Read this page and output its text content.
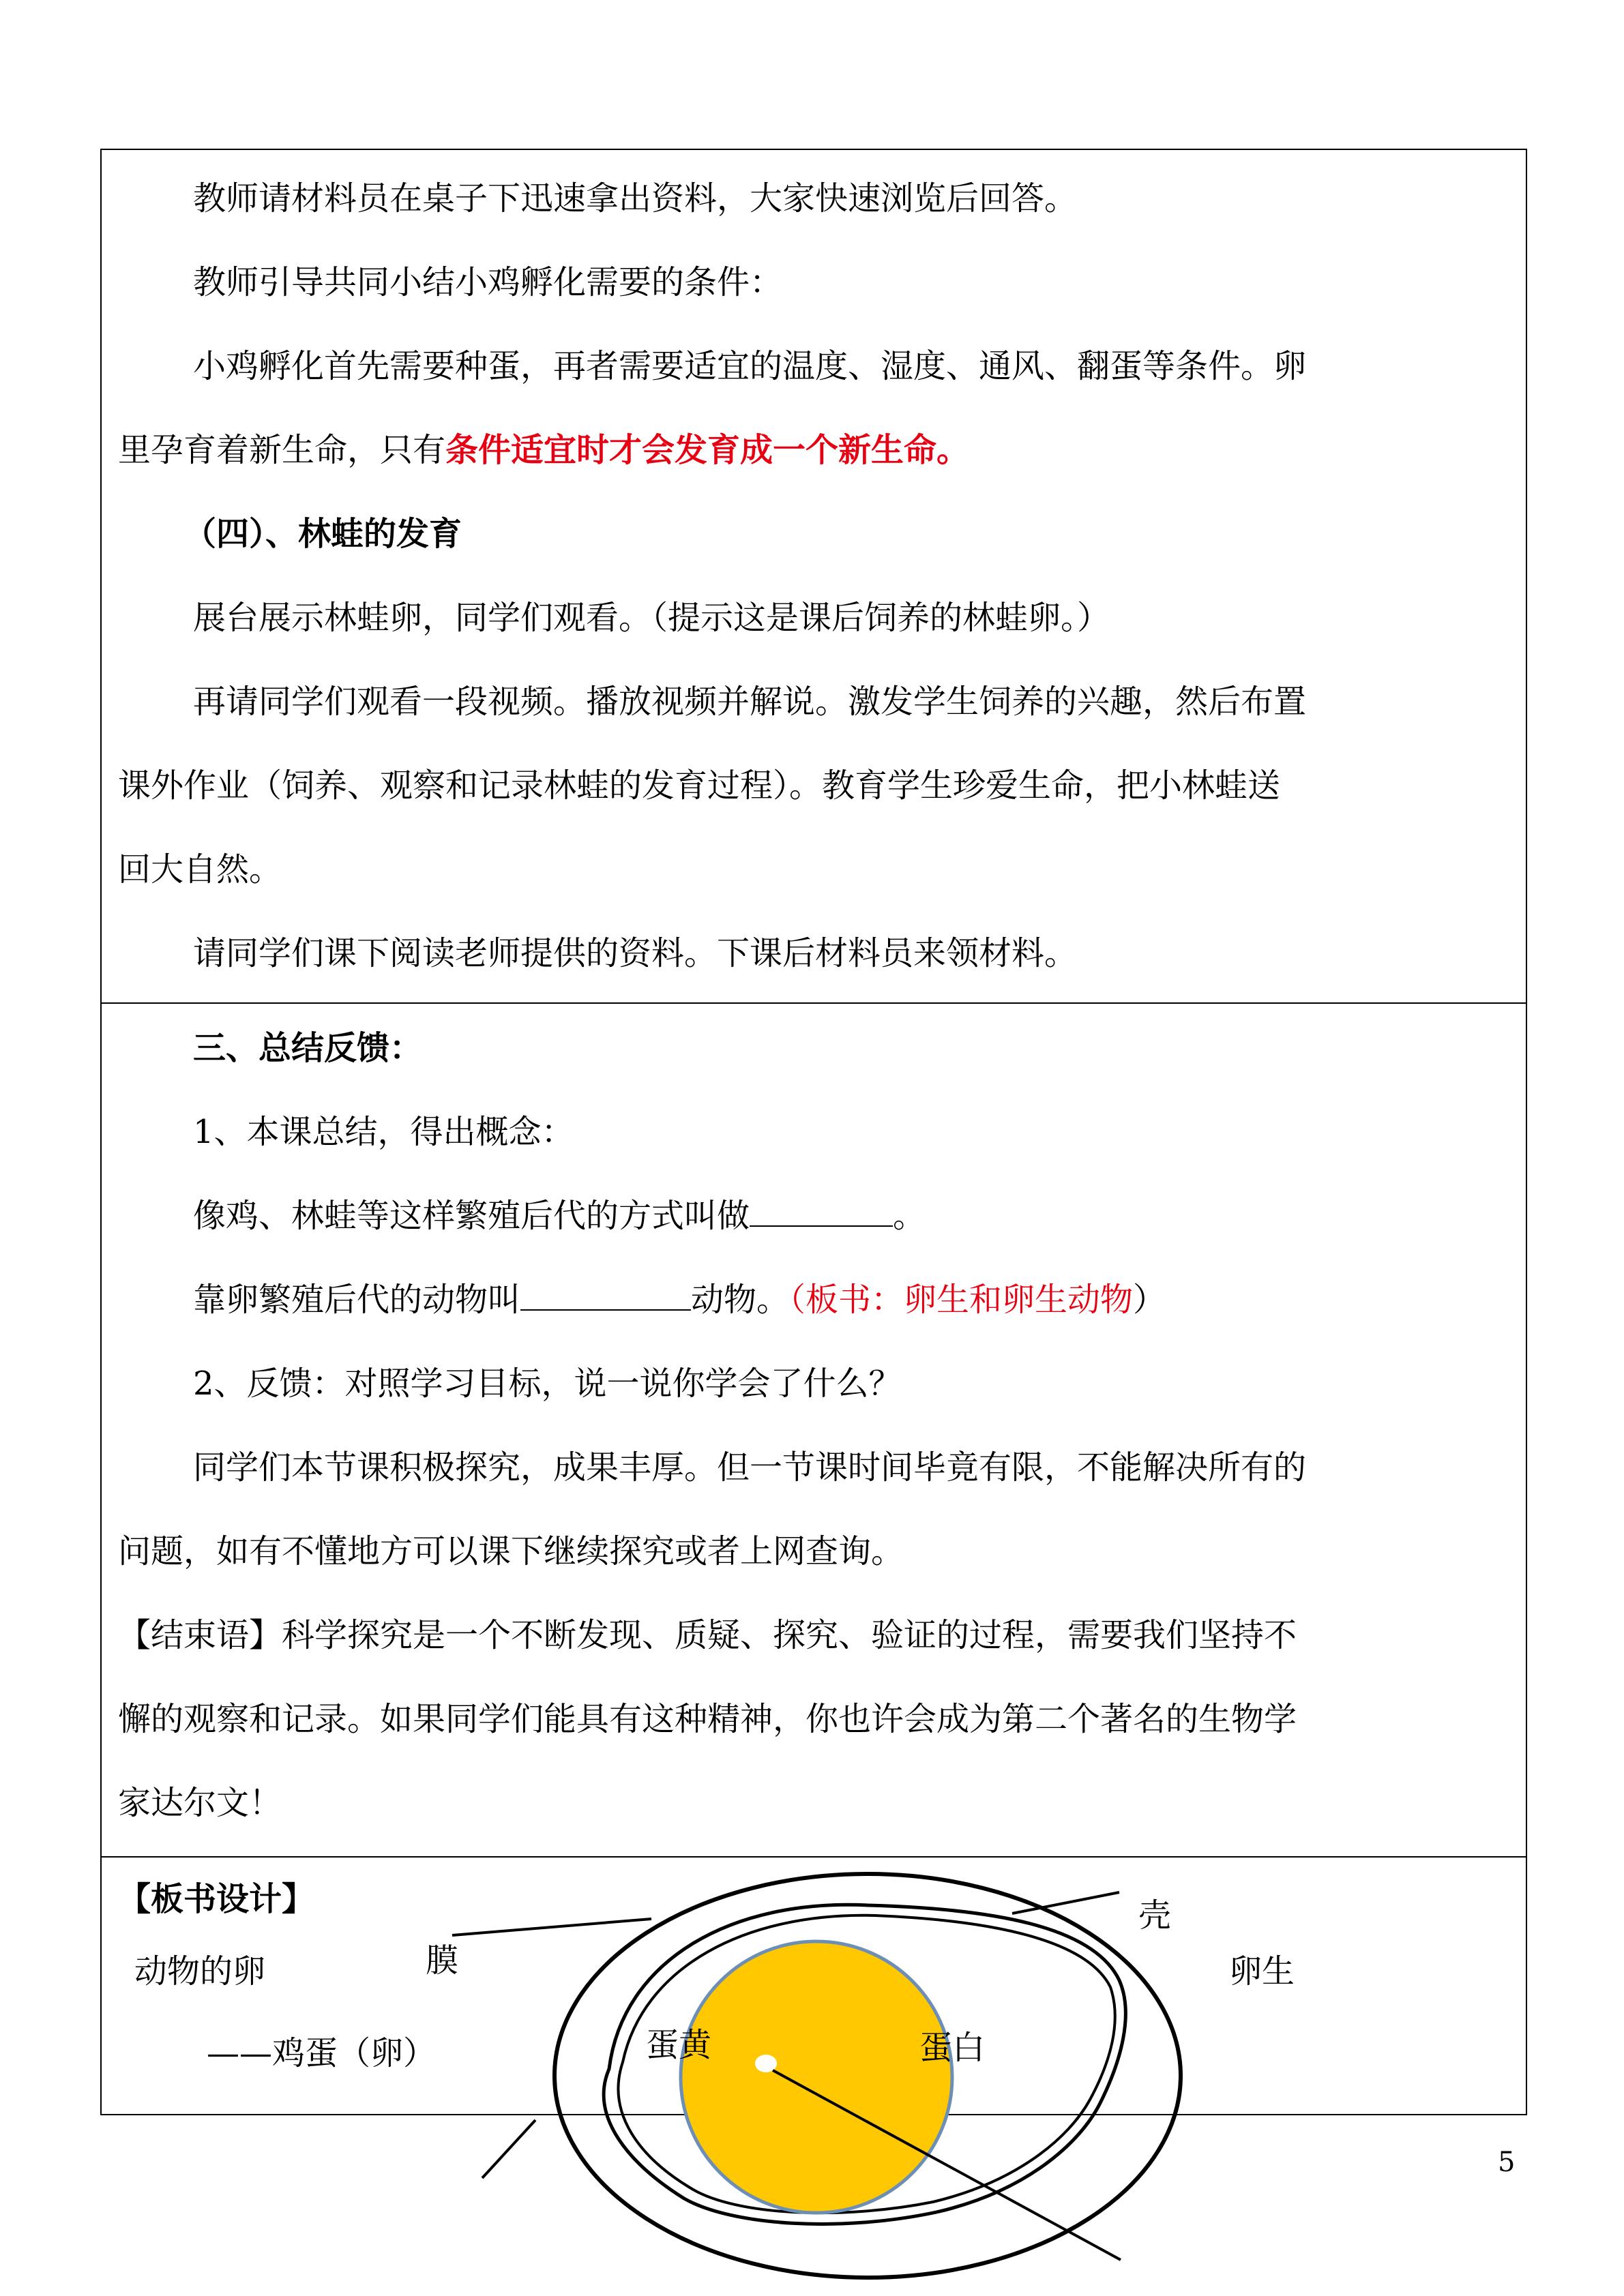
教师请材料员在桌子下迅速拿出资料，大家快速浏览后回答。

教师引导共同小结小鸡孵化需要的条件：

小鸡孵化首先需要种蛋，再者需要适宜的温度、湿度、通风、翻蛋等条件。卵

里孕育着新生命，只有条件适宜时才会发育成一个新生命。

（四）、林蛙的发育

展台展示林蛙卵，同学们观看。（提示这是课后饲养的林蛙卵。）

再请同学们观看一段视频。播放视频并解说。激发学生饲养的兴趣，然后布置

课外作业（饲养、观察和记录林蛙的发育过程）。教育学生珍爱生命，把小林蛙送

回大自然。

请同学们课下阅读老师提供的资料。下课后材料员来领材料。

三、总结反馈：

1、本课总结，得出概念：

像鸡、林蛙等这样繁殖后代的方式叫做	。

靠卵繁殖后代的动物叫	动物。（板书：卵生和卵生动物）

2、反馈：对照学习目标，说一说你学会了什么？

同学们本节课积极探究，成果丰厚。但一节课时间毕竟有限，不能解决所有的

问题，如有不懂地方可以课下继续探究或者上网查询。

【结束语】科学探究是一个不断发现、质疑、探究、验证的过程，需要我们坚持不

懈的观察和记录。如果同学们能具有这种精神，你也许会成为第二个著名的生物学

家达尔文！

【板书设计】
动物的卵
——鸡蛋（卵）
膜
壳
卵生
蛋黄	蛋白
5
